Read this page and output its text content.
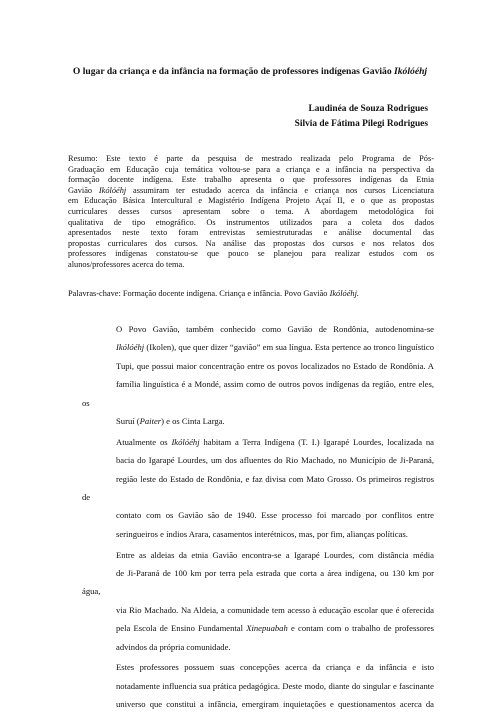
O lugar da criança e da infância na formação de professores indígenas Gavião Ikólóéhj
Laudinéa de Souza Rodrigues
Silvia de Fátima Pilegi Rodrigues
Resumo: Este texto é parte da pesquisa de mestrado realizada pelo Programa de Pós-
Graduação em Educação cuja temática voltou-se para a criança e a infância na perspectiva da
formação docente indígena. Este trabalho apresenta o que professores indígenas da Etnia
Gavião Ikólóéhj assumiram ter estudado acerca da infância e criança nos cursos Licenciatura
em Educação Básica Intercultural e Magistério Indígena Projeto Açaí II, e o que as propostas
curriculares desses cursos apresentam sobre o tema. A abordagem metodológica foi
qualitativa de tipo etnográfico. Os instrumentos utilizados para a coleta dos dados
apresentados neste texto foram entrevistas semiestruturadas e análise documental das
propostas curriculares dos cursos. Na análise das propostas dos cursos e nos relatos dos
professores indígenas constatou-se que pouco se planejou para realizar estudos com os
alunos/professores acerca do tema.
Palavras-chave: Formação docente indígena. Criança e infância. Povo Gavião Ikólóéhj.

O Povo Gavião, também conhecido como Gavião de Rondônia, autodenomina-se
Ikólóéhj (Ikolen), que quer dizer “gavião” em sua língua. Esta pertence ao tronco linguístico
Tupi, que possui maior concentração entre os povos localizados no Estado de Rondônia. A
família linguística é a Mondé, assim como de outros povos indígenas da região, entre eles, os
Suruí (Paiter) e os Cinta Larga.

Atualmente os Ikólóéhj habitam a Terra Indígena (T. I.) Igarapé Lourdes, localizada na
bacia do Igarapé Lourdes, um dos afluentes do Rio Machado, no Município de Ji-Paraná,
região leste do Estado de Rondônia, e faz divisa com Mato Grosso. Os primeiros registros de
contato com os Gavião são de 1940. Esse processo foi marcado por conflitos entre
seringueiros e índios Arara, casamentos interétnicos, mas, por fim, alianças políticas.

Entre as aldeias da etnia Gavião encontra-se a Igarapé Lourdes, com distância média
de Ji-Paraná de 100 km por terra pela estrada que corta a área indígena, ou 130 km por água,
via Rio Machado. Na Aldeia, a comunidade tem acesso à educação escolar que é oferecida
pela Escola de Ensino Fundamental Xinepuabah e contam com o trabalho de professores
advindos da própria comunidade.

Estes professores possuem suas concepções acerca da criança e da infância e isto
notadamente influencia sua prática pedagógica. Deste modo, diante do singular e fascinante
universo que constitui a infância, emergiram inquietações e questionamentos acerca da
